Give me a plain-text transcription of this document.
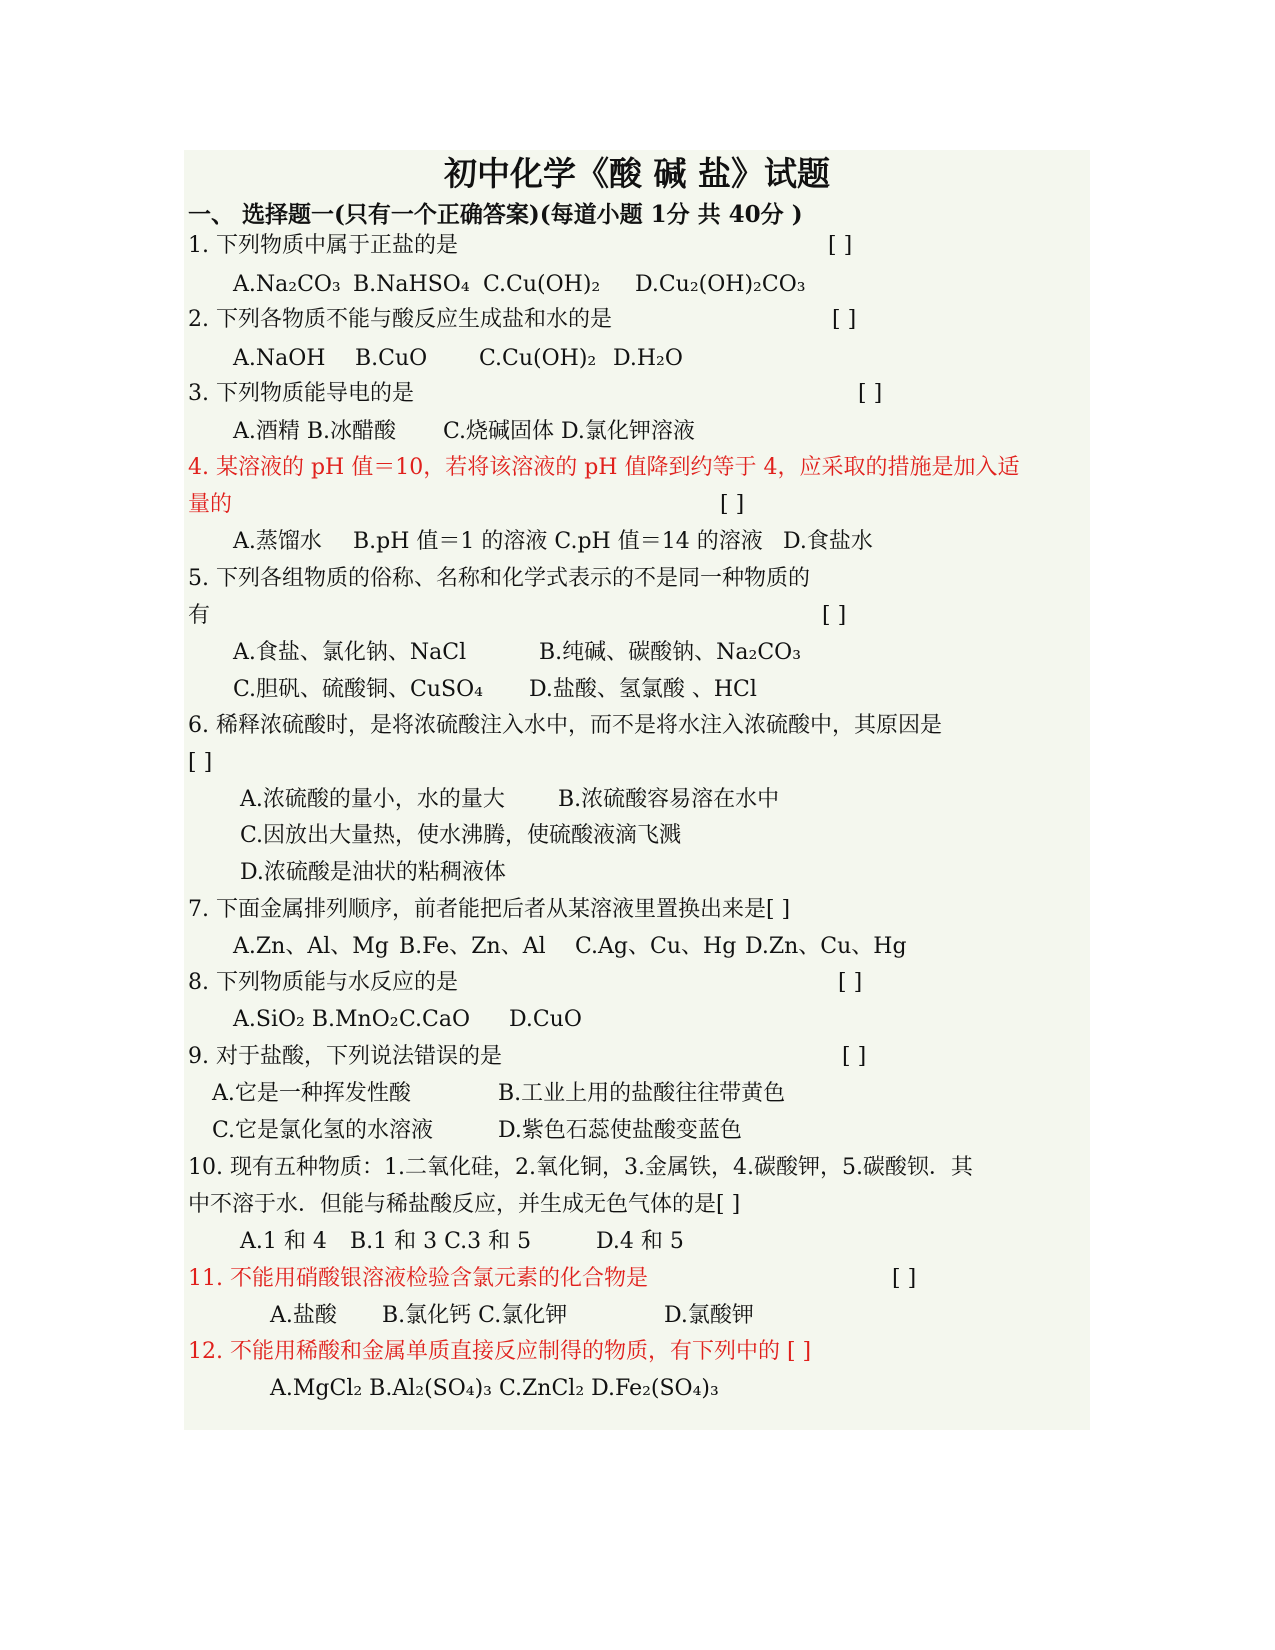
初中化学《酸 碱 盐》试题
一、 选择题一(只有一个正确答案)(每道小题 1分 共 40分 )
1. 下列物质中属于正盐的是	[ ]
A.Na₂CO₃ B.NaHSO₄ C.Cu(OH)₂ D.Cu₂(OH)₂CO₃
2. 下列各物质不能与酸反应生成盐和水的是	[ ]
A.NaOH B.CuO C.Cu(OH)₂ D.H₂O
3. 下列物质能导电的是	[ ]
A.酒精 B.冰醋酸 C.烧碱固体 D.氯化钾溶液
4. 某溶液的 pH 值＝10，若将该溶液的 pH 值降到约等于 4，应采取的措施是加入适
量的	[ ]
A.蒸馏水 B.pH 值＝1 的溶液 C.pH 值＝14 的溶液 D.食盐水
5. 下列各组物质的俗称、名称和化学式表示的不是同一种物质的
有	[ ]
A.食盐、氯化钠、NaCl	B.纯碱、碳酸钠、Na₂CO₃
C.胆矾、硫酸铜、CuSO₄ D.盐酸、氢氯酸 、HCl
6. 稀释浓硫酸时，是将浓硫酸注入水中，而不是将水注入浓硫酸中，其原因是
[ ]
A.浓硫酸的量小，水的量大 B.浓硫酸容易溶在水中
C.因放出大量热，使水沸腾，使硫酸液滴飞溅
D.浓硫酸是油状的粘稠液体
7. 下面金属排列顺序，前者能把后者从某溶液里置换出来是[ ]
A.Zn、Al、Mg B.Fe、Zn、Al C.Ag、Cu、Hg D.Zn、Cu、Hg
8. 下列物质能与水反应的是	[ ]
A.SiO₂ B.MnO₂C.CaO D.CuO
9. 对于盐酸，下列说法错误的是	[ ]
A.它是一种挥发性酸	B.工业上用的盐酸往往带黄色
C.它是氯化氢的水溶液	D.紫色石蕊使盐酸变蓝色
10. 现有五种物质：1.二氧化硅，2.氧化铜，3.金属铁，4.碳酸钾，5.碳酸钡．其
中不溶于水．但能与稀盐酸反应，并生成无色气体的是[ ]
A.1 和 4 B.1 和 3 C.3 和 5	D.4 和 5
11. 不能用硝酸银溶液检验含氯元素的化合物是	[ ]
A.盐酸 B.氯化钙 C.氯化钾	D.氯酸钾
12. 不能用稀酸和金属单质直接反应制得的物质，有下列中的 [ ]
A.MgCl₂ B.Al₂(SO₄)₃ C.ZnCl₂ D.Fe₂(SO₄)₃
